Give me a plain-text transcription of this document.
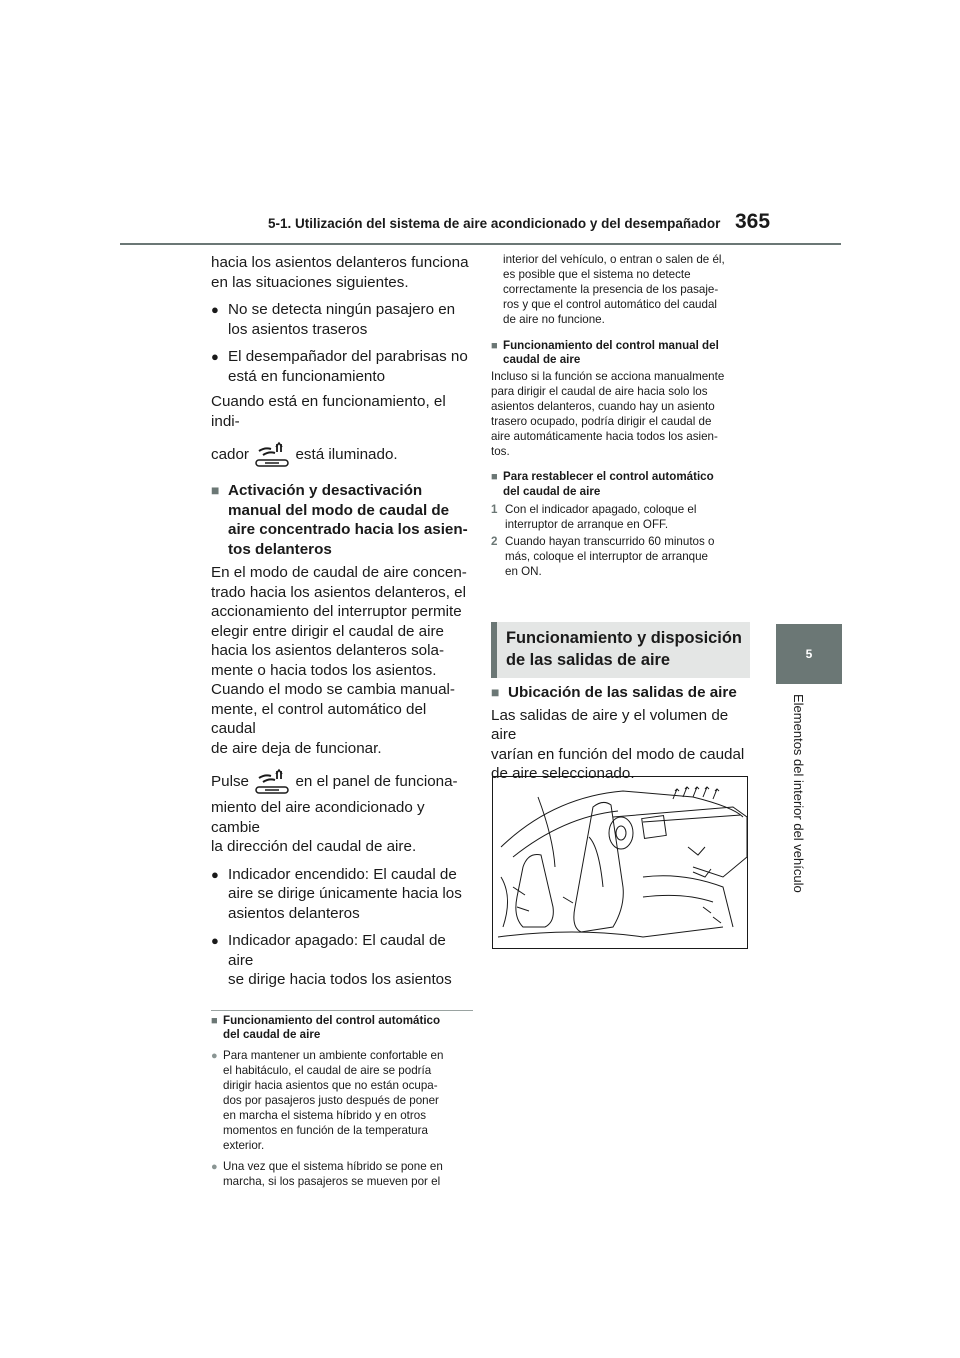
5-1. Utilización del sistema de aire acondicionado y del desempañador 365
5
Elementos del interior del vehículo

hacia los asientos delanteros funciona

en las situaciones siguientes.

● No se detecta ningún pasajero en
los asientos traseros
● El desempañador del parabrisas no
está en funcionamiento

Cuando está en funcionamiento, el indi-

cador	está iluminado.

■ Activación y desactivación
manual del modo de caudal de
aire concentrado hacia los asien-
tos delanteros

En el modo de caudal de aire concen-

trado hacia los asientos delanteros, el

accionamiento del interruptor permite

elegir entre dirigir el caudal de aire

hacia los asientos delanteros sola-

mente o hacia todos los asientos.

Cuando el modo se cambia manual-

mente, el control automático del caudal

de aire deja de funcionar.

Pulse	en el panel de funciona-

miento del aire acondicionado y cambie

la dirección del caudal de aire.

● Indicador encendido: El caudal de
aire se dirige únicamente hacia los
asientos delanteros
● Indicador apagado: El caudal de aire
se dirige hacia todos los asientos
■ Funcionamiento del control automático
del caudal de aire
● Para mantener un ambiente confortable en
el habitáculo, el caudal de aire se podría
dirigir hacia asientos que no están ocupa-
dos por pasajeros justo después de poner
en marcha el sistema híbrido y en otros
momentos en función de la temperatura
exterior.
● Una vez que el sistema híbrido se pone en
marcha, si los pasajeros se mueven por el
interior del vehículo, o entran o salen de él,
es posible que el sistema no detecte
correctamente la presencia de los pasaje-
ros y que el control automático del caudal
de aire no funcione.
■ Funcionamiento del control manual del
caudal de aire
Incluso si la función se acciona manualmente
para dirigir el caudal de aire hacia solo los
asientos delanteros, cuando hay un asiento
trasero ocupado, podría dirigir el caudal de
aire automáticamente hacia todos los asien-
tos.
■ Para restablecer el control automático
del caudal de aire
1 Con el indicador apagado, coloque el
interruptor de arranque en OFF.
2 Cuando hayan transcurrido 60 minutos o
más, coloque el interruptor de arranque
en ON.
Funcionamiento y disposición
de las salidas de aire
■ Ubicación de las salidas de aire

Las salidas de aire y el volumen de aire

varían en función del modo de caudal

de aire seleccionado.
